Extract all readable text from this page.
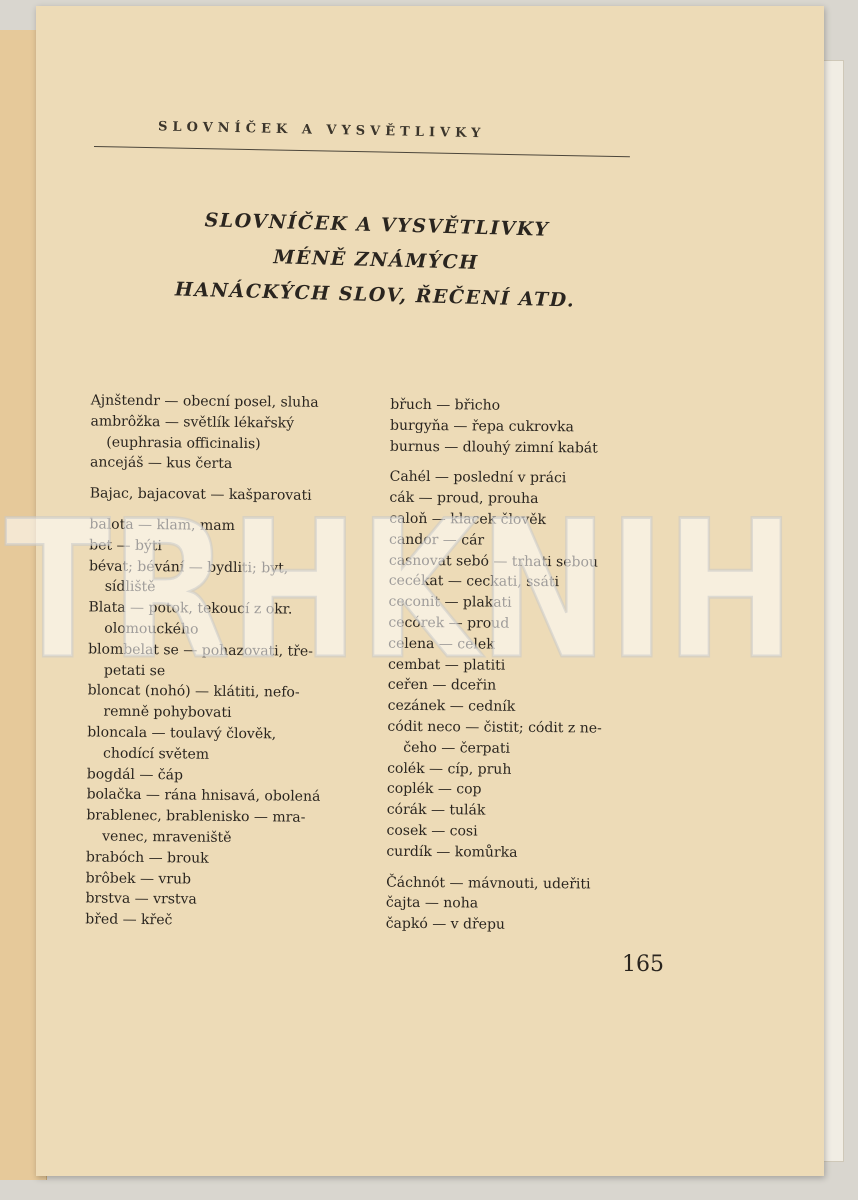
SLOVNÍČEK A VYSVĚTLIVKY
SLOVNÍČEK A VYSVĚTLIVKY
MÉNĚ ZNÁMÝCH
HANÁCKÝCH SLOV, ŘEČENÍ ATD.
Ajnštendr — obecní posel, sluha
ambrôžka — světlík lékařský
(euphrasia officinalis)
ancejáš — kus čerta
Bajac, bajacovat — kašparovati
balota — klam, mam
bet — býti
bévat; bévání — bydliti; byt,
sídliště
Blata — potok, tekoucí z okr.
olomouckého
blombelat se — pohazovati, tře-
petati se
bloncat (nohó) — klátiti, nefo-
remně pohybovati
bloncala — toulavý člověk,
chodící světem
bogdál — čáp
bolačka — rána hnisavá, obolená
brablenec, brablenisko — mra-
venec, mraveniště
brabóch — brouk
brôbek — vrub
brstva — vrstva
břed — křeč
břuch — břicho
burgyňa — řepa cukrovka
burnus — dlouhý zimní kabát
Cahél — poslední v práci
cák — proud, prouha
caloň — klacek člověk
candor — cár
casnovat sebó — trhati sebou
cecékat — ceckati, ssáti
ceconit — plakati
cecórek — proud
celena — celek
cembat — platiti
ceřen — dceřin
cezánek — cedník
códit neco — čistit; códit z ne-
čeho — čerpati
colék — cíp, pruh
coplék — cop
córák — tulák
cosek — cosi
curdík — komůrka
Čáchnót — mávnouti, udeřiti
čajta — noha
čapkó — v dřepu
165
TRHKNIH
